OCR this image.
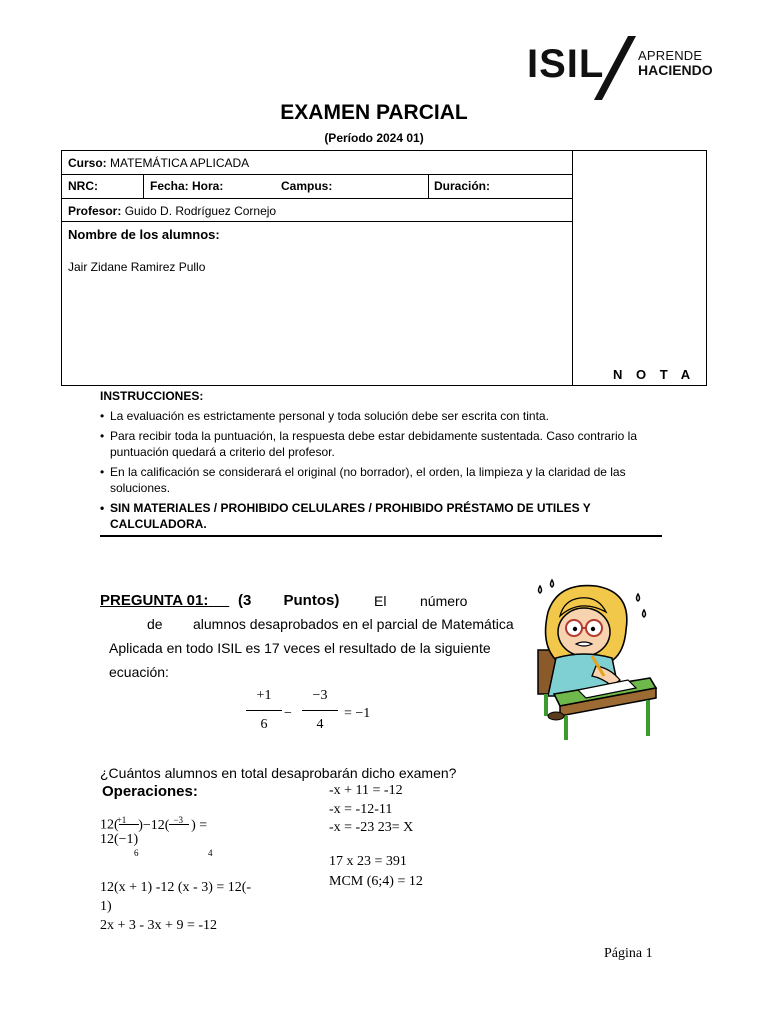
ISIL	APRENDE
HACIENDO
EXAMEN PARCIAL
(Período 2024 01)
Curso: MATEMÁTICA APLICADA
NRC:	Fecha: Hora:	Campus:	Duración:
Profesor: Guido D. Rodríguez Cornejo
Nombre de los alumnos:
Jair Zidane Ramirez Pullo
N O T A
INSTRUCCIONES:
• La evaluación es estrictamente personal y toda solución debe ser escrita con tinta.
• Para recibir toda la puntuación, la respuesta debe estar debidamente sustentada. Caso contrario la puntuación quedará a criterio del profesor.
• En la calificación se considerará el original (no borrador), el orden, la limpieza y la claridad de las soluciones.
• SIN MATERIALES / PROHIBIDO CELULARES / PROHIBIDO PRÉSTAMO DE UTILES Y CALCULADORA.
PREGUNTA 01:	(3 Puntos) El número
de alumnos desaprobados en el parcial de Matemática
Aplicada en todo ISIL es 17 veces el resultado de la siguiente
ecuación:
+1
6
−
−3
4
= −1
¿Cuántos alumnos en total desaprobarán dicho examen?
Operaciones:
12($^{+1}$ )−12( $^{-3}$ ) =
12(−1)
6	4
12(x + 1) -12 (x - 3) = 12(-
1)
2x + 3 - 3x + 9 = -12
-x + 11 = -12
-x = -12-11
-x = -23 23= X
17 x 23 = 391
MCM (6;4) = 12
Página 1
